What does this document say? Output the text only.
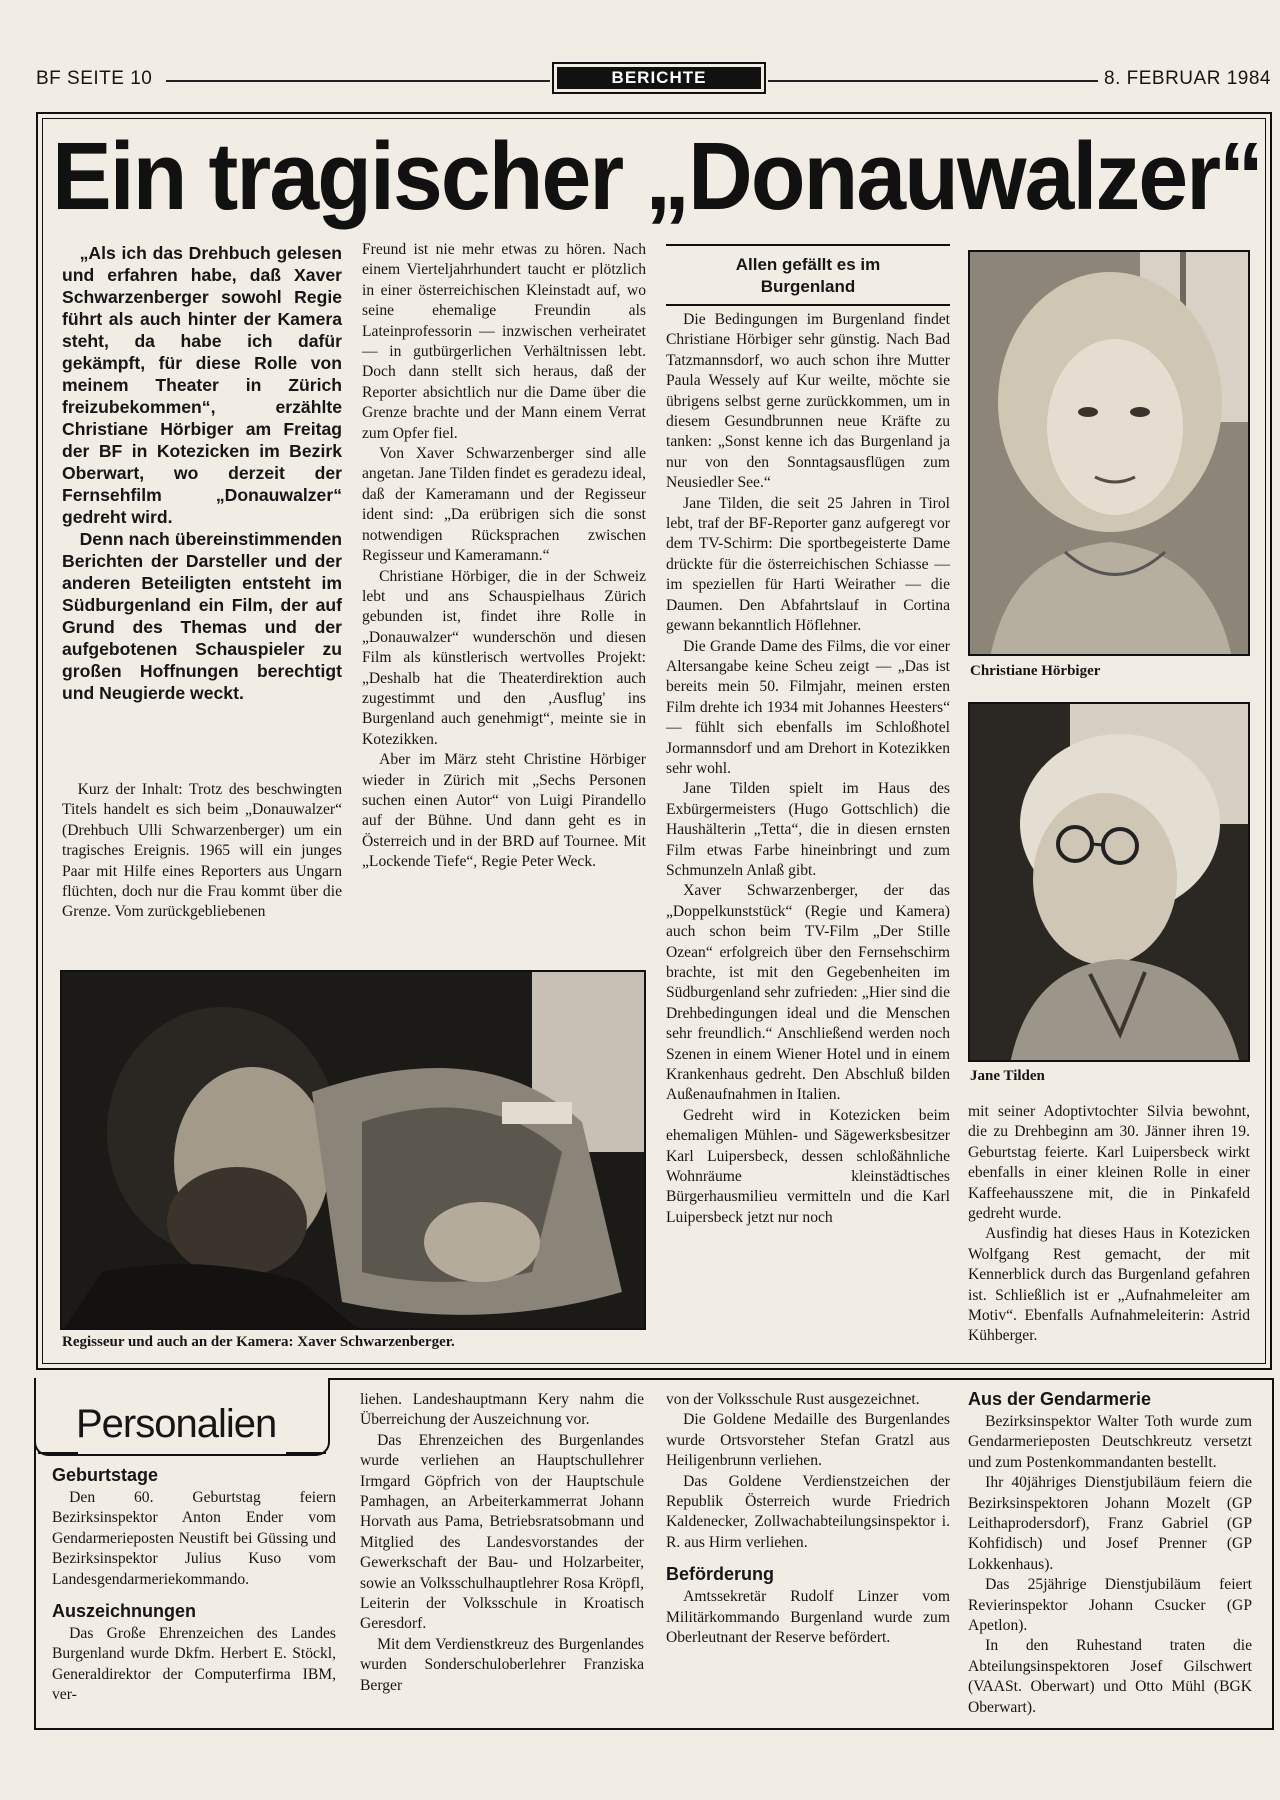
BF SEITE 10	BERICHTE	8. FEBRUAR 1984
Ein tragischer „Donauwalzer“

„Als ich das Drehbuch gelesen und erfahren habe, daß Xaver Schwarzenberger sowohl Regie führt als auch hinter der Kamera steht, da habe ich dafür gekämpft, für diese Rolle von meinem Theater in Zürich freizubekommen“, erzählte Christiane Hörbiger am Freitag der BF in Kotezicken im Bezirk Oberwart, wo derzeit der Fernsehfilm „Donauwalzer“ gedreht wird.

Denn nach übereinstimmenden Berichten der Darsteller und der anderen Beteiligten entsteht im Südburgenland ein Film, der auf Grund des Themas und der aufgebotenen Schauspieler zu großen Hoffnungen berechtigt und Neugierde weckt.

Kurz der Inhalt: Trotz des beschwingten Titels handelt es sich beim „Donauwalzer“ (Drehbuch Ulli Schwarzenberger) um ein tragisches Ereignis. 1965 will ein junges Paar mit Hilfe eines Reporters aus Ungarn flüchten, doch nur die Frau kommt über die Grenze. Vom zurückgebliebenen

Freund ist nie mehr etwas zu hören. Nach einem Vierteljahrhundert taucht er plötzlich in einer österreichischen Kleinstadt auf, wo seine ehemalige Freundin als Lateinprofessorin — inzwischen verheiratet — in gutbürgerlichen Verhältnissen lebt. Doch dann stellt sich heraus, daß der Reporter absichtlich nur die Dame über die Grenze brachte und der Mann einem Verrat zum Opfer fiel.

Von Xaver Schwarzenberger sind alle angetan. Jane Tilden findet es geradezu ideal, daß der Kameramann und der Regisseur ident sind: „Da erübrigen sich die sonst notwendigen Rücksprachen zwischen Regisseur und Kameramann.“

Christiane Hörbiger, die in der Schweiz lebt und ans Schauspielhaus Zürich gebunden ist, findet ihre Rolle in „Donauwalzer“ wunderschön und diesen Film als künstlerisch wertvolles Projekt: „Deshalb hat die Theaterdirektion auch zugestimmt und den ,Ausflug' ins Burgenland auch genehmigt“, meinte sie in Kotezikken.

Aber im März steht Christine Hörbiger wieder in Zürich mit „Sechs Personen suchen einen Autor“ von Luigi Pirandello auf der Bühne. Und dann geht es in Österreich und in der BRD auf Tournee. Mit „Lockende Tiefe“, Regie Peter Weck.

Allen gefällt es im Burgenland

Die Bedingungen im Burgenland findet Christiane Hörbiger sehr günstig. Nach Bad Tatzmannsdorf, wo auch schon ihre Mutter Paula Wessely auf Kur weilte, möchte sie übrigens selbst gerne zurückkommen, um in diesem Gesundbrunnen neue Kräfte zu tanken: „Sonst kenne ich das Burgenland ja nur von den Sonntagsausflügen zum Neusiedler See.“

Jane Tilden, die seit 25 Jahren in Tirol lebt, traf der BF-Reporter ganz aufgeregt vor dem TV-Schirm: Die sportbegeisterte Dame drückte für die österreichischen Schiasse — im speziellen für Harti Weirather — die Daumen. Den Abfahrtslauf in Cortina gewann bekanntlich Höflehner.

Die Grande Dame des Films, die vor einer Altersangabe keine Scheu zeigt — „Das ist bereits mein 50. Filmjahr, meinen ersten Film drehte ich 1934 mit Johannes Heesters“ — fühlt sich ebenfalls im Schloßhotel Jormannsdorf und am Drehort in Kotezikken sehr wohl.

Jane Tilden spielt im Haus des Exbürgermeisters (Hugo Gottschlich) die Haushälterin „Tetta“, die in diesen ernsten Film etwas Farbe hineinbringt und zum Schmunzeln Anlaß gibt.

Xaver Schwarzenberger, der das „Doppelkunststück“ (Regie und Kamera) auch schon beim TV-Film „Der Stille Ozean“ erfolgreich über den Fernsehschirm brachte, ist mit den Gegebenheiten im Südburgenland sehr zufrieden: „Hier sind die Drehbedingungen ideal und die Menschen sehr freundlich.“ Anschließend werden noch Szenen in einem Wiener Hotel und in einem Krankenhaus gedreht. Den Abschluß bilden Außenaufnahmen in Italien.

Gedreht wird in Kotezicken beim ehemaligen Mühlen- und Sägewerksbesitzer Karl Luipersbeck, dessen schloßähnliche Wohnräume kleinstädtisches Bürgerhausmilieu vermitteln und die Karl Luipersbeck jetzt nur noch

mit seiner Adoptivtochter Silvia bewohnt, die zu Drehbeginn am 30. Jänner ihren 19. Geburtstag feierte. Karl Luipersbeck wirkt ebenfalls in einer kleinen Rolle in einer Kaffeehausszene mit, die in Pinkafeld gedreht wurde.

Ausfindig hat dieses Haus in Kotezicken Wolfgang Rest gemacht, der mit Kennerblick durch das Burgenland gefahren ist. Schließlich ist er „Aufnahmeleiter am Motiv“. Ebenfalls Aufnahmeleiterin: Astrid Kühberger.

Christiane Hörbiger
Jane Tilden
Regisseur und auch an der Kamera: Xaver Schwarzenberger.
Personalien

Geburtstage

Den 60. Geburtstag feiern Bezirksinspektor Anton Ender vom Gendarmerieposten Neustift bei Güssing und Bezirksinspektor Julius Kuso vom Landesgendarmeriekommando.

Auszeichnungen

Das Große Ehrenzeichen des Landes Burgenland wurde Dkfm. Herbert E. Stöckl, Generaldirektor der Computerfirma IBM, ver-

liehen. Landeshauptmann Kery nahm die Überreichung der Auszeichnung vor.

Das Ehrenzeichen des Burgenlandes wurde verliehen an Hauptschullehrer Irmgard Göpfrich von der Hauptschule Pamhagen, an Arbeiterkammerrat Johann Horvath aus Pama, Betriebsratsobmann und Mitglied des Landesvorstandes der Gewerkschaft der Bau- und Holzarbeiter, sowie an Volksschulhauptlehrer Rosa Kröpfl, Leiterin der Volksschule in Kroatisch Geresdorf.

Mit dem Verdienstkreuz des Burgenlandes wurden Sonderschuloberlehrer Franziska Berger

von der Volksschule Rust ausgezeichnet.

Die Goldene Medaille des Burgenlandes wurde Ortsvorsteher Stefan Gratzl aus Heiligenbrunn verliehen.

Das Goldene Verdienstzeichen der Republik Österreich wurde Friedrich Kaldenecker, Zollwachabteilungsinspektor i. R. aus Hirm verliehen.

Beförderung

Amtssekretär Rudolf Linzer vom Militärkommando Burgenland wurde zum Oberleutnant der Reserve befördert.

Aus der Gendarmerie

Bezirksinspektor Walter Toth wurde zum Gendarmerieposten Deutschkreutz versetzt und zum Postenkommandanten bestellt.

Ihr 40jähriges Dienstjubiläum feiern die Bezirksinspektoren Johann Mozelt (GP Leithaprodersdorf), Franz Gabriel (GP Kohfidisch) und Josef Prenner (GP Lokkenhaus).

Das 25jährige Dienstjubiläum feiert Revierinspektor Johann Csucker (GP Apetlon).

In den Ruhestand traten die Abteilungsinspektoren Josef Gilschwert (VAASt. Oberwart) und Otto Mühl (BGK Oberwart).
